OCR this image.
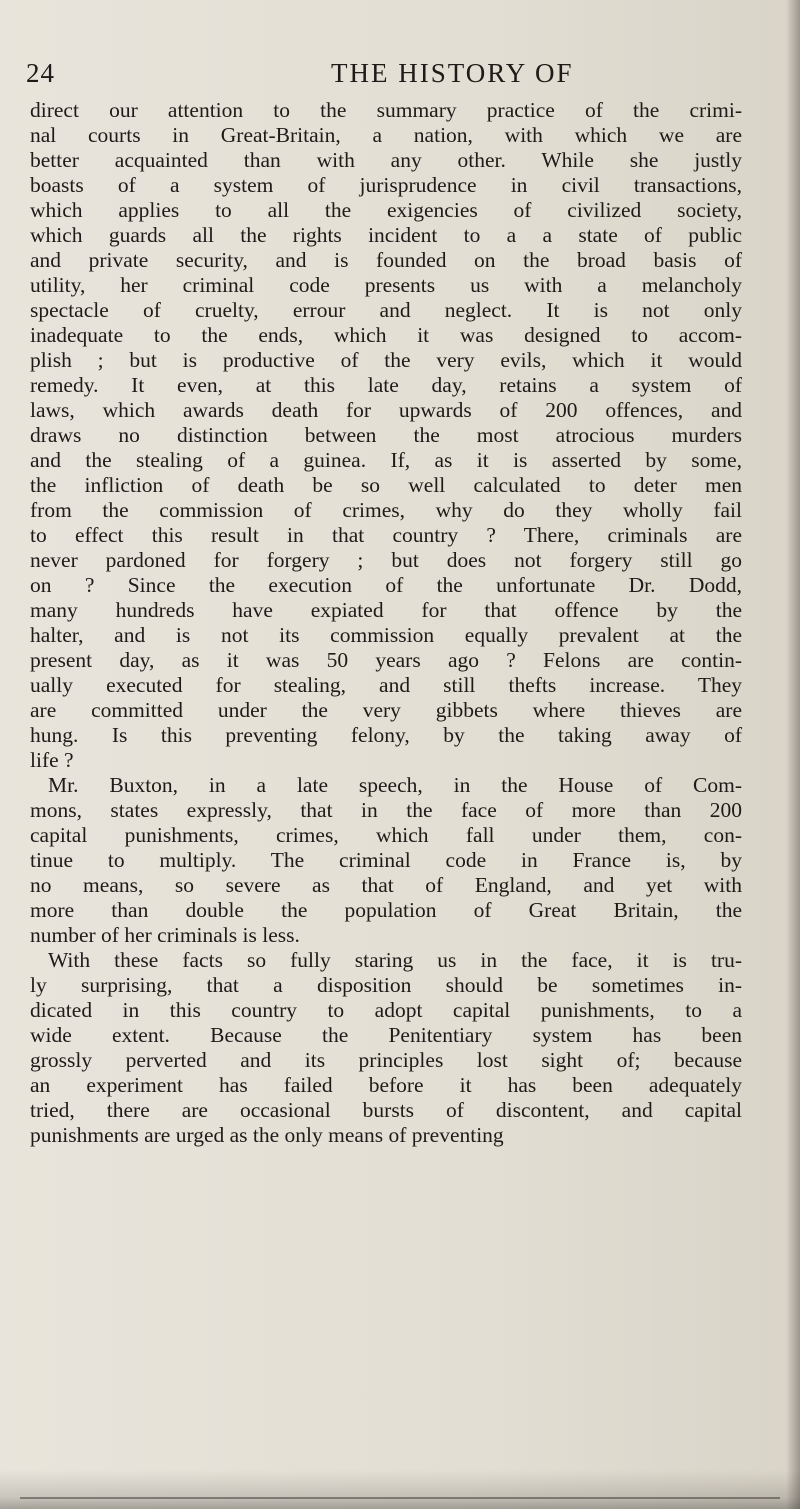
24	THE HISTORY OF
direct our attention to the summary practice of the crimi-
nal courts in Great-Britain, a nation, with which we are
better acquainted than with any other. While she justly
boasts of a system of jurisprudence in civil transactions,
which applies to all the exigencies of civilized society,
which guards all the rights incident to a a state of public
and private security, and is founded on the broad basis of
utility, her criminal code presents us with a melancholy
spectacle of cruelty, errour and neglect. It is not only
inadequate to the ends, which it was designed to accom-
plish ; but is productive of the very evils, which it would
remedy. It even, at this late day, retains a system of
laws, which awards death for upwards of 200 offences, and
draws no distinction between the most atrocious murders
and the stealing of a guinea. If, as it is asserted by some,
the infliction of death be so well calculated to deter men
from the commission of crimes, why do they wholly fail
to effect this result in that country ? There, criminals are
never pardoned for forgery ; but does not forgery still go
on ? Since the execution of the unfortunate Dr. Dodd,
many hundreds have expiated for that offence by the
halter, and is not its commission equally prevalent at the
present day, as it was 50 years ago ? Felons are contin-
ually executed for stealing, and still thefts increase. They
are committed under the very gibbets where thieves are
hung. Is this preventing felony, by the taking away of
life ?
Mr. Buxton, in a late speech, in the House of Com-
mons, states expressly, that in the face of more than 200
capital punishments, crimes, which fall under them, con-
tinue to multiply. The criminal code in France is, by
no means, so severe as that of England, and yet with
more than double the population of Great Britain, the
number of her criminals is less.
With these facts so fully staring us in the face, it is tru-
ly surprising, that a disposition should be sometimes in-
dicated in this country to adopt capital punishments, to a
wide extent. Because the Penitentiary system has been
grossly perverted and its principles lost sight of; because
an experiment has failed before it has been adequately
tried, there are occasional bursts of discontent, and capital
punishments are urged as the only means of preventing
